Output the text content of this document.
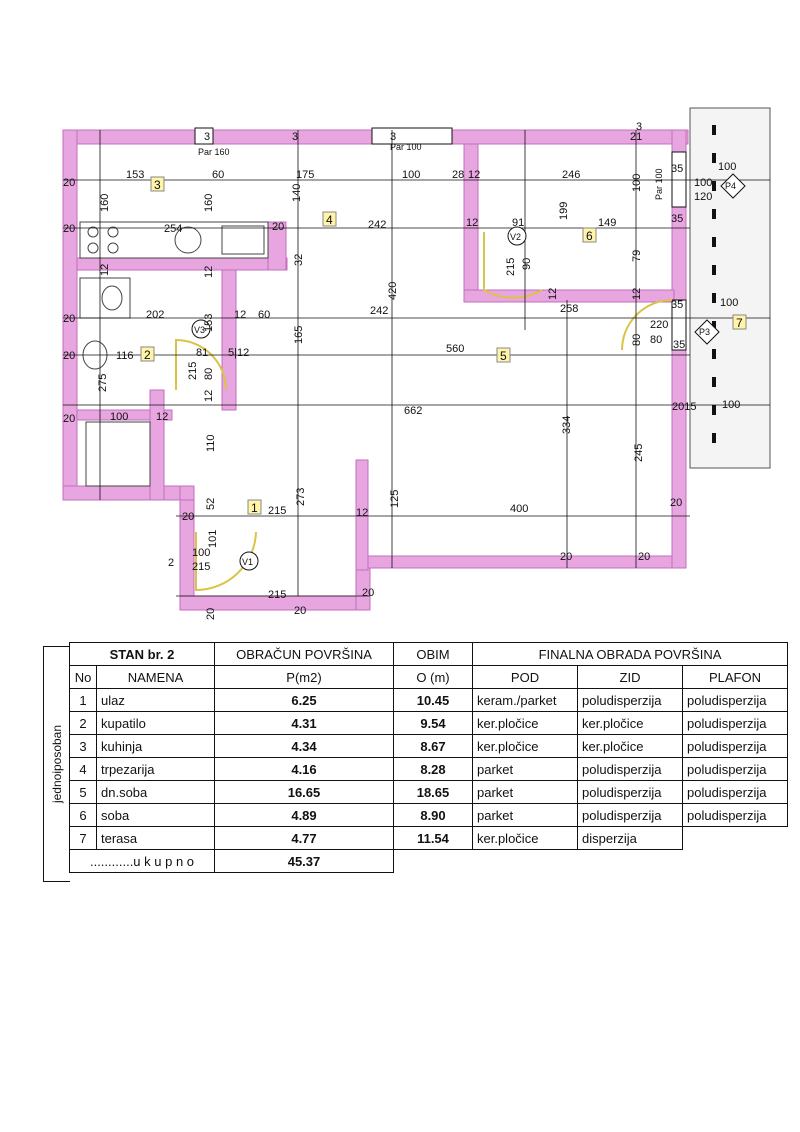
3
2
4
6
5
1
7
V2
V3
V1
P3
P4
Par 160	Par 100
Par 100
3	3	3	21
3
153	60	175	100	28 12	246	35	100
100
120
20
160	160
140
100
20	254	20	242	12	91	149	35
199
12	12
32	215 90
79
420
258
12	12
35	100
20	202	153 12 60	242
220
80
80
20	116	81 5|12
165
560	35
275	80
215
12
20	100	12	662
334
2015 100
110
245
52	273
215	12
125
400	20
20
100
215
101
20	20
215	20
20
20
2
jednoiposoban
STAN br. 2		OBRAČUN POVRŠINA	OBIM	FINALNA OBRADA POVRŠINA		
No	NAMENA	P(m2)	O (m)	POD	ZID	PLAFON
1	ulaz	6.25	10.45	keram./parket	poludisperzija	poludisperzija
2	kupatilo	4.31	9.54	ker.pločice	ker.pločice	poludisperzija
3	kuhinja	4.34	8.67	ker.pločice	ker.pločice	poludisperzija
4	trpezarija	4.16	8.28	parket	poludisperzija	poludisperzija
5	dn.soba	16.65	18.65	parket	poludisperzija	poludisperzija
6	soba	4.89	8.90	parket	poludisperzija	poludisperzija
7	terasa	4.77	11.54	ker.pločice	disperzija	
............u k u p n o		45.37				
